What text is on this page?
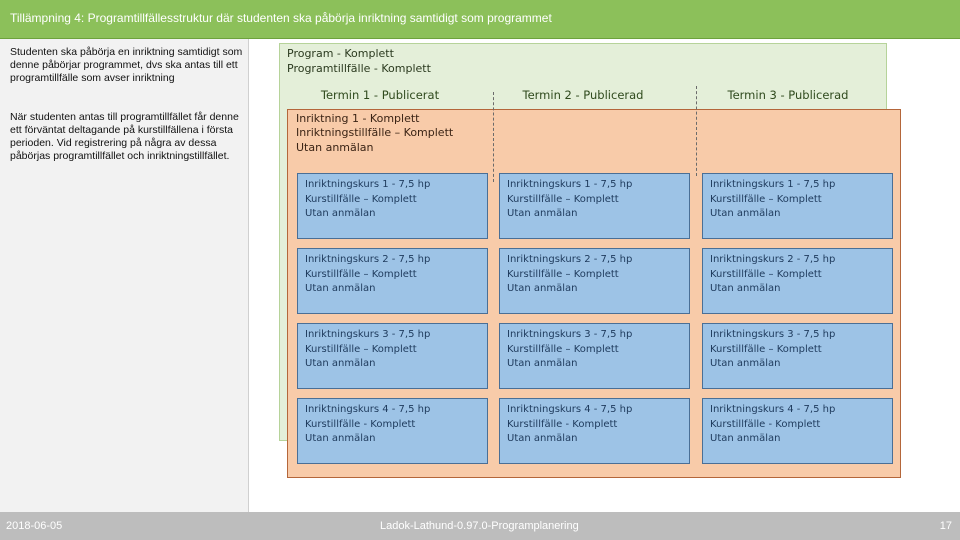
Tillämpning 4: Programtillfällesstruktur där studenten ska påbörja inriktning samtidigt som programmet
Studenten ska påbörja en inriktning samtidigt som denne påbörjar programmet, dvs ska antas till ett programtillfälle som avser inriktning
När studenten antas till programtillfället får denne ett förväntat deltagande på kurstillfällena i första perioden. Vid registrering på några av dessa påbörjas programtillfället och inriktningstillfället.
Program - Komplett
Programtillfälle - Komplett
Termin 1 - Publicerat	Termin 2 - Publicerad	Termin 3 - Publicerad
Inriktning 1 - Komplett
Inriktningstillfälle – Komplett
Utan anmälan
Inriktningskurs 1 - 7,5 hp
Kurstillfälle – Komplett
Utan anmälan
Inriktningskurs 1 - 7,5 hp
Kurstillfälle – Komplett
Utan anmälan
Inriktningskurs 1 - 7,5 hp
Kurstillfälle – Komplett
Utan anmälan
Inriktningskurs 2 - 7,5 hp
Kurstillfälle – Komplett
Utan anmälan
Inriktningskurs 2 - 7,5 hp
Kurstillfälle – Komplett
Utan anmälan
Inriktningskurs 2 - 7,5 hp
Kurstillfälle – Komplett
Utan anmälan
Inriktningskurs 3 - 7,5 hp
Kurstillfälle – Komplett
Utan anmälan
Inriktningskurs 3 - 7,5 hp
Kurstillfälle – Komplett
Utan anmälan
Inriktningskurs 3 - 7,5 hp
Kurstillfälle – Komplett
Utan anmälan
Inriktningskurs 4 - 7,5 hp
Kurstillfälle - Komplett
Utan anmälan
Inriktningskurs 4 - 7,5 hp
Kurstillfälle - Komplett
Utan anmälan
Inriktningskurs 4 - 7,5 hp
Kurstillfälle - Komplett
Utan anmälan
2018-06-05	Ladok-Lathund-0.97.0-Programplanering	17
